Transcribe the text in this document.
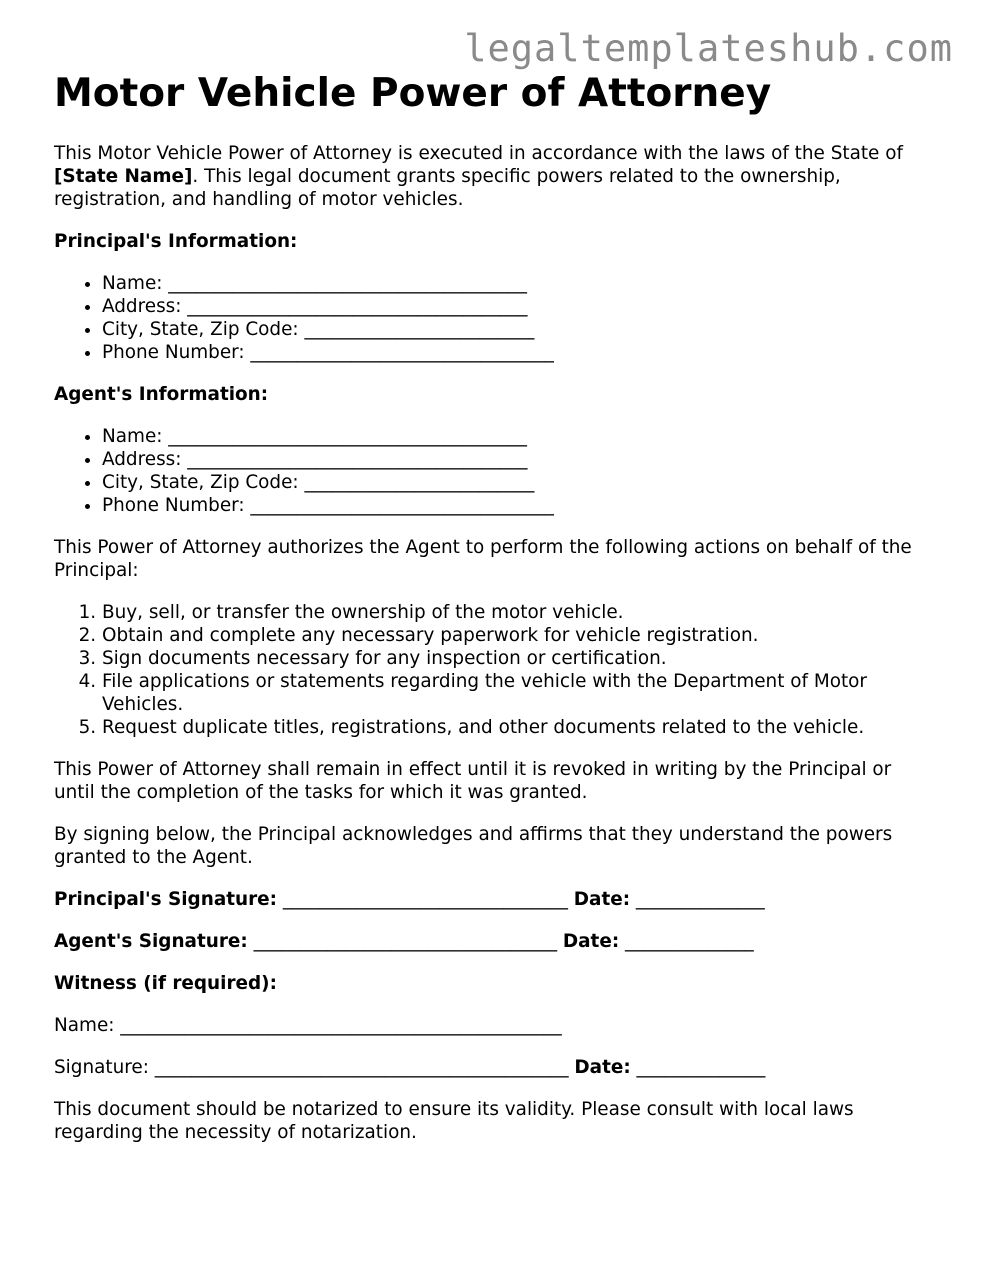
legaltemplateshub.com
Motor Vehicle Power of Attorney

This Motor Vehicle Power of Attorney is executed in accordance with the laws of the State of [State Name]. This legal document grants specific powers related to the ownership, registration, and handling of motor vehicles.

Principal's Information:

• Name: _______________________________________
• Address: _____________________________________
• City, State, Zip Code: _________________________
• Phone Number: _________________________________

Agent's Information:

• Name: _______________________________________
• Address: _____________________________________
• City, State, Zip Code: _________________________
• Phone Number: _________________________________

This Power of Attorney authorizes the Agent to perform the following actions on behalf of the Principal:

1. Buy, sell, or transfer the ownership of the motor vehicle.
2. Obtain and complete any necessary paperwork for vehicle registration.
3. Sign documents necessary for any inspection or certification.
4. File applications or statements regarding the vehicle with the Department of Motor Vehicles.
5. Request duplicate titles, registrations, and other documents related to the vehicle.

This Power of Attorney shall remain in effect until it is revoked in writing by the Principal or until the completion of the tasks for which it was granted.

By signing below, the Principal acknowledges and affirms that they understand the powers granted to the Agent.

Principal's Signature: _______________________________ Date: ______________

Agent's Signature: _________________________________ Date: ______________

Witness (if required):

Name: ________________________________________________

Signature: _____________________________________________ Date: ______________

This document should be notarized to ensure its validity. Please consult with local laws regarding the necessity of notarization.
